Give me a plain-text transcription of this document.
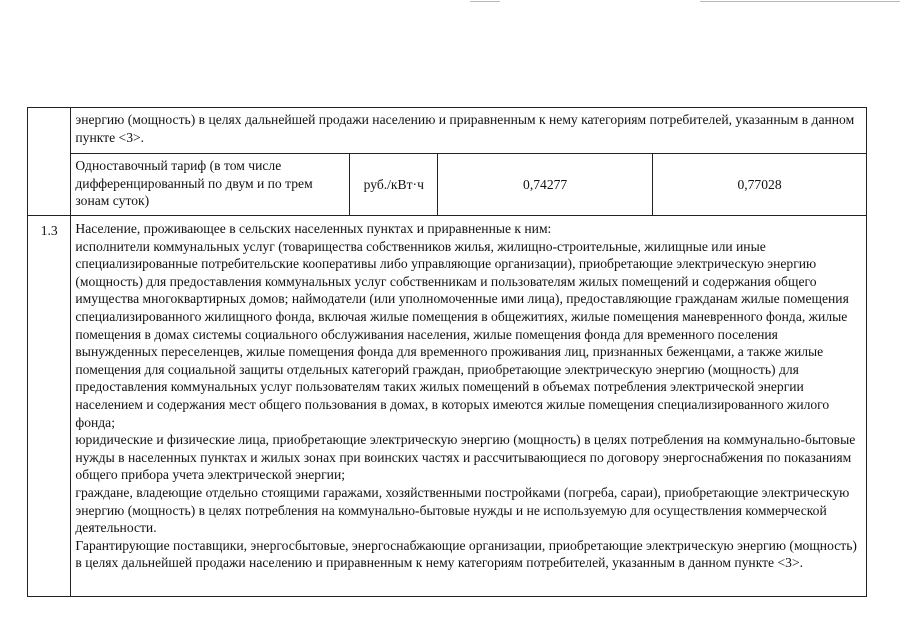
	энергию (мощность) в целях дальнейшей продажи населению и приравненным к нему категориям потребителей, указанным в данном пункте <3>.			
	Одноставочный тариф (в том числе дифференцированный по двум и по трем зонам суток)	руб./кВт·ч	0,74277	0,77028
1.3	Население, проживающее в сельских населенных пунктах и приравненные к ним:
исполнители коммунальных услуг (товарищества собственников жилья, жилищно-строительные, жилищные или иные специализированные потребительские кооперативы либо управляющие организации), приобретающие электрическую энергию (мощность) для предоставления коммунальных услуг собственникам и пользователям жилых помещений и содержания общего имущества многоквартирных домов; наймодатели (или уполномоченные ими лица), предоставляющие гражданам жилые помещения специализированного жилищного фонда, включая жилые помещения в общежитиях, жилые помещения маневренного фонда, жилые помещения в домах системы социального обслуживания населения, жилые помещения фонда для временного поселения вынужденных переселенцев, жилые помещения фонда для временного проживания лиц, признанных беженцами, а также жилые помещения для социальной защиты отдельных категорий граждан, приобретающие электрическую энергию (мощность) для предоставления коммунальных услуг пользователям таких жилых помещений в объемах потребления электрической энергии населением и содержания мест общего пользования в домах, в которых имеются жилые помещения специализированного жилого фонда;
юридические и физические лица, приобретающие электрическую энергию (мощность) в целях потребления на коммунально-бытовые нужды в населенных пунктах и жилых зонах при воинских частях и рассчитывающиеся по договору энергоснабжения по показаниям общего прибора учета электрической энергии;
граждане, владеющие отдельно стоящими гаражами, хозяйственными постройками (погреба, сараи), приобретающие электрическую энергию (мощность) в целях потребления на коммунально-бытовые нужды и не используемую для осуществления коммерческой деятельности.
Гарантирующие поставщики, энергосбытовые, энергоснабжающие организации, приобретающие электрическую энергию (мощность) в целях дальнейшей продажи населению и приравненным к нему категориям потребителей, указанным в данном пункте <3>.			
